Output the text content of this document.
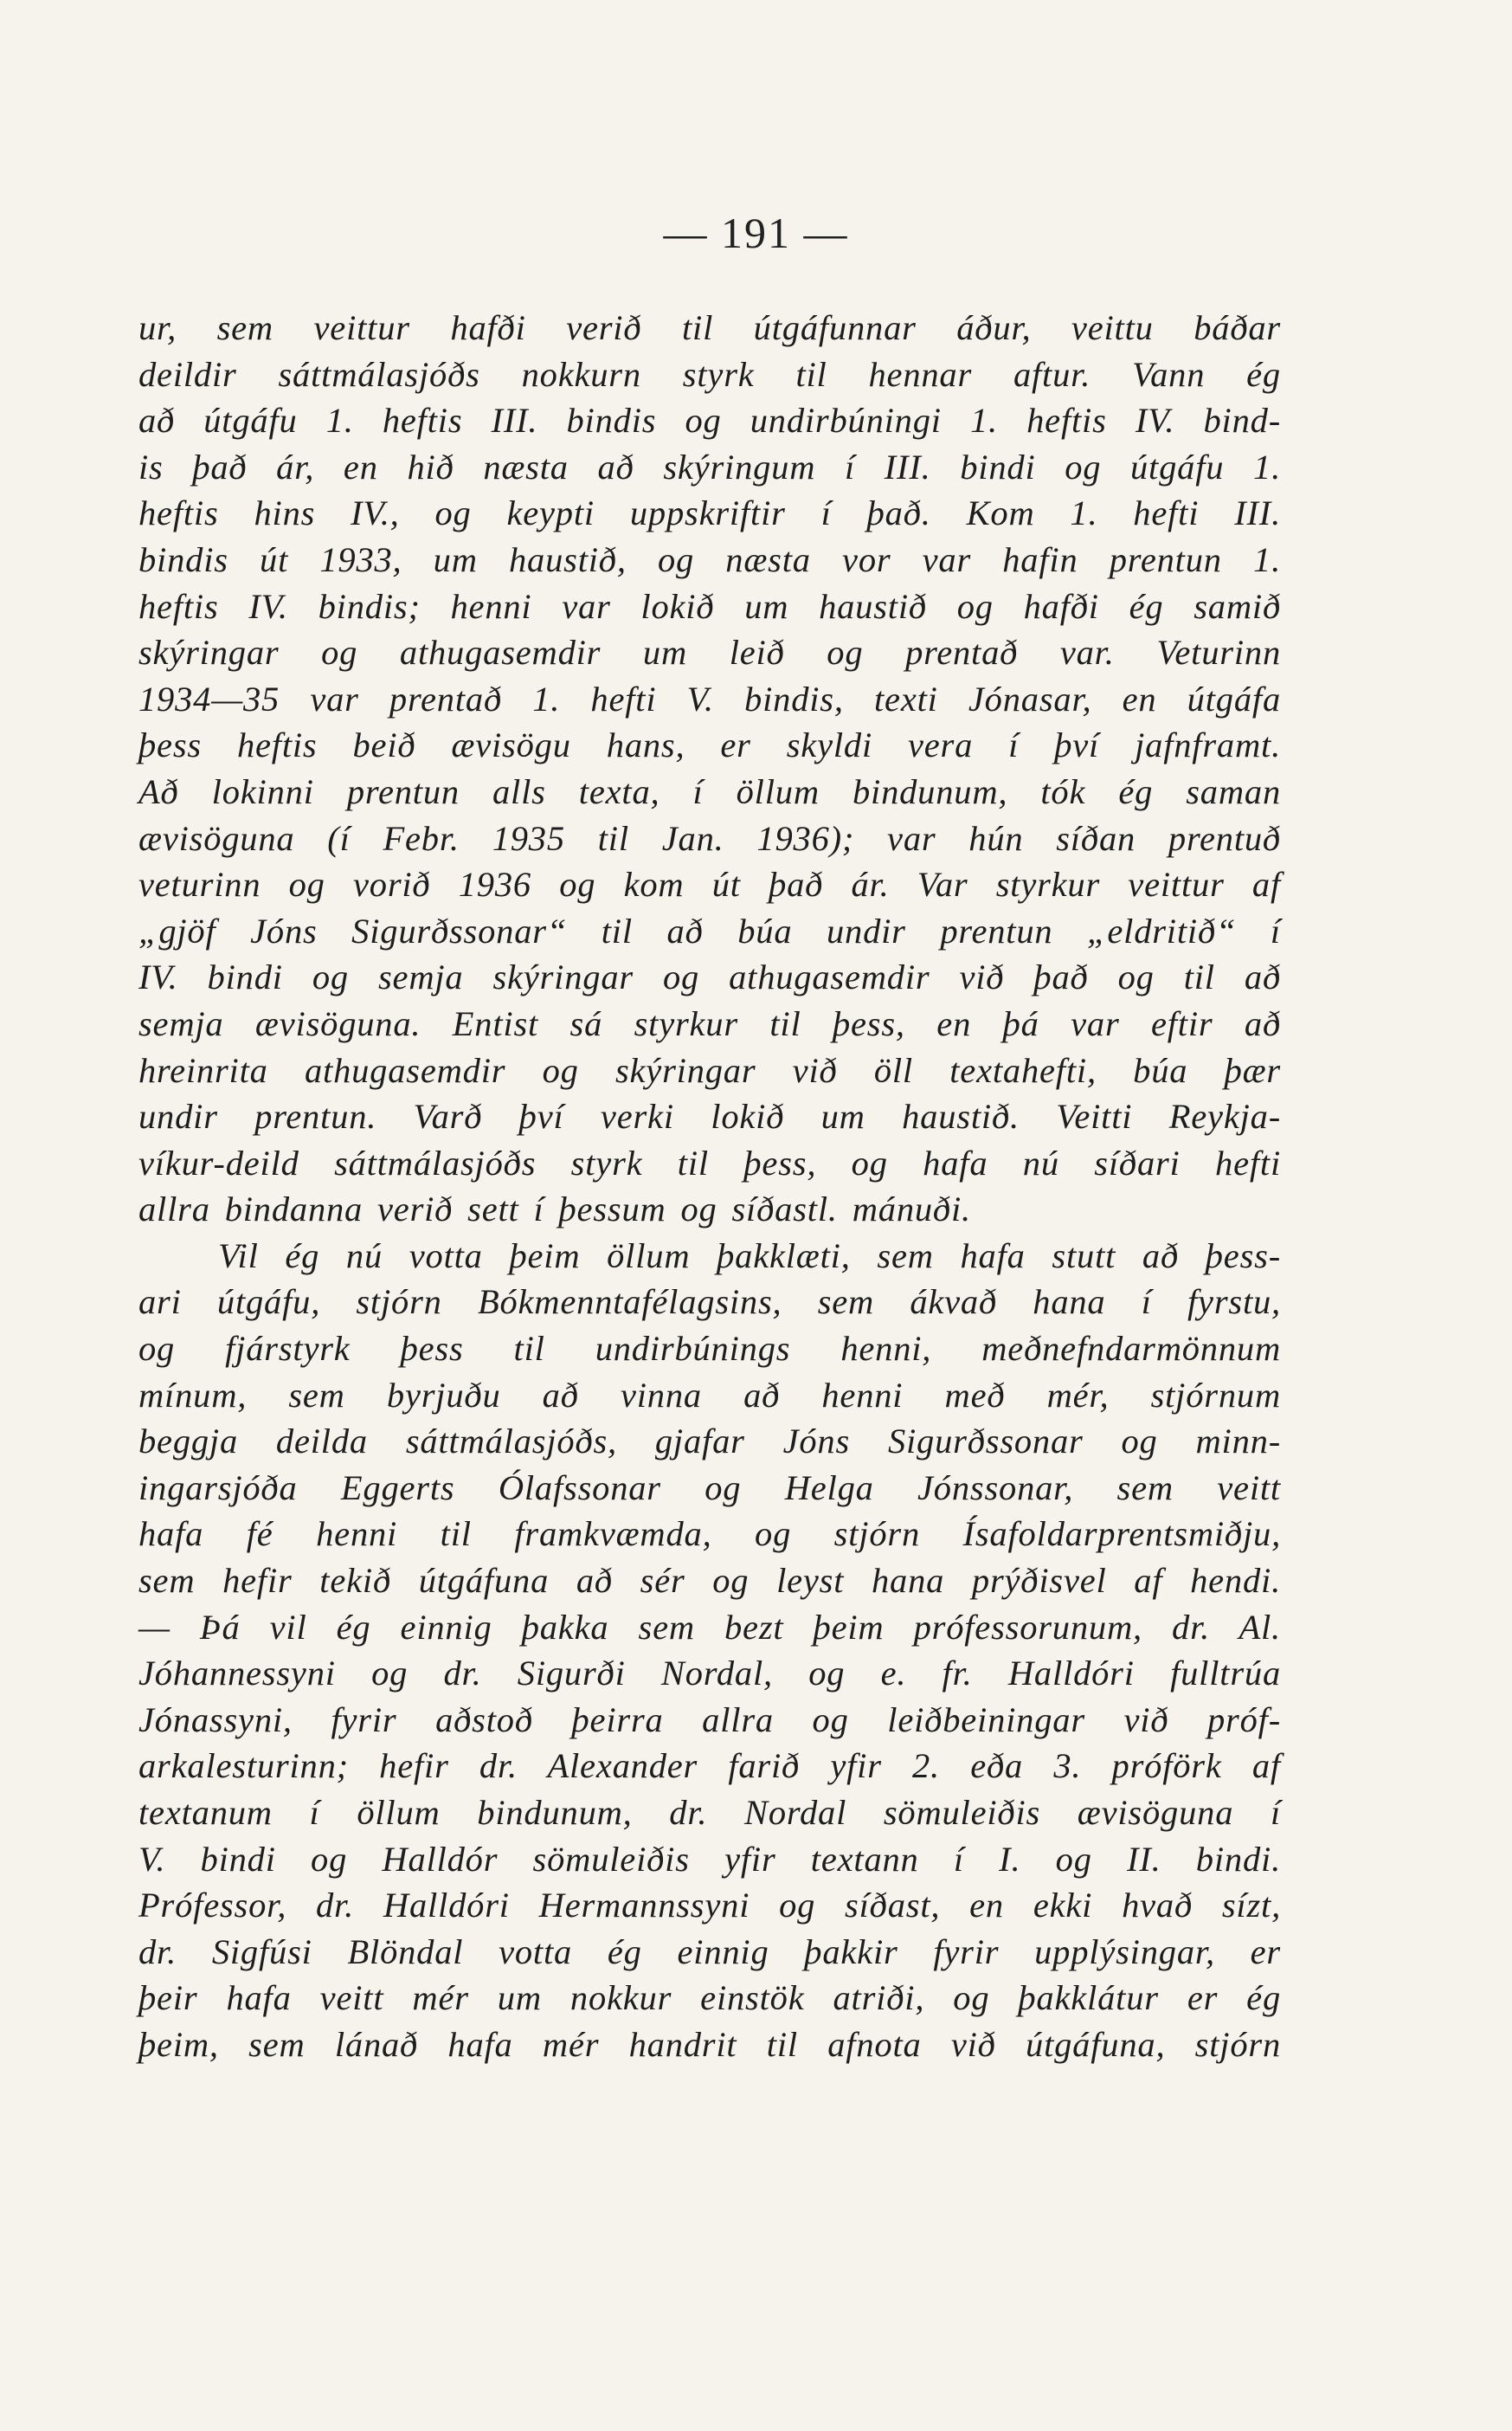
— 191 —
ur, sem veittur hafði verið til útgáfunnar áður, veittu báðar
deildir sáttmálasjóðs nokkurn styrk til hennar aftur. Vann ég
að útgáfu 1. heftis III. bindis og undirbúningi 1. heftis IV. bind-
is það ár, en hið næsta að skýringum í III. bindi og útgáfu 1.
heftis hins IV., og keypti uppskriftir í það. Kom 1. hefti III.
bindis út 1933, um haustið, og næsta vor var hafin prentun 1.
heftis IV. bindis; henni var lokið um haustið og hafði ég samið
skýringar og athugasemdir um leið og prentað var. Veturinn
1934—35 var prentað 1. hefti V. bindis, texti Jónasar, en útgáfa
þess heftis beið ævisögu hans, er skyldi vera í því jafnframt.
Að lokinni prentun alls texta, í öllum bindunum, tók ég saman
ævisöguna (í Febr. 1935 til Jan. 1936); var hún síðan prentuð
veturinn og vorið 1936 og kom út það ár. Var styrkur veittur af
„gjöf Jóns Sigurðssonar“ til að búa undir prentun „eldritið“ í
IV. bindi og semja skýringar og athugasemdir við það og til að
semja ævisöguna. Entist sá styrkur til þess, en þá var eftir að
hreinrita athugasemdir og skýringar við öll textahefti, búa þær
undir prentun. Varð því verki lokið um haustið. Veitti Reykja-
víkur-deild sáttmálasjóðs styrk til þess, og hafa nú síðari hefti
allra bindanna verið sett í þessum og síðastl. mánuði.
Vil ég nú votta þeim öllum þakklæti, sem hafa stutt að þess-
ari útgáfu, stjórn Bókmenntafélagsins, sem ákvað hana í fyrstu,
og fjárstyrk þess til undirbúnings henni, meðnefndarmönnum
mínum, sem byrjuðu að vinna að henni með mér, stjórnum
beggja deilda sáttmálasjóðs, gjafar Jóns Sigurðssonar og minn-
ingarsjóða Eggerts Ólafssonar og Helga Jónssonar, sem veitt
hafa fé henni til framkvæmda, og stjórn Ísafoldarprentsmiðju,
sem hefir tekið útgáfuna að sér og leyst hana prýðisvel af hendi.
— Þá vil ég einnig þakka sem bezt þeim prófessorunum, dr. Al.
Jóhannessyni og dr. Sigurði Nordal, og e. fr. Halldóri fulltrúa
Jónassyni, fyrir aðstoð þeirra allra og leiðbeiningar við próf-
arkalesturinn; hefir dr. Alexander farið yfir 2. eða 3. próförk af
textanum í öllum bindunum, dr. Nordal sömuleiðis ævisöguna í
V. bindi og Halldór sömuleiðis yfir textann í I. og II. bindi.
Prófessor, dr. Halldóri Hermannssyni og síðast, en ekki hvað sízt,
dr. Sigfúsi Blöndal votta ég einnig þakkir fyrir upplýsingar, er
þeir hafa veitt mér um nokkur einstök atriði, og þakklátur er ég
þeim, sem lánað hafa mér handrit til afnota við útgáfuna, stjórn
